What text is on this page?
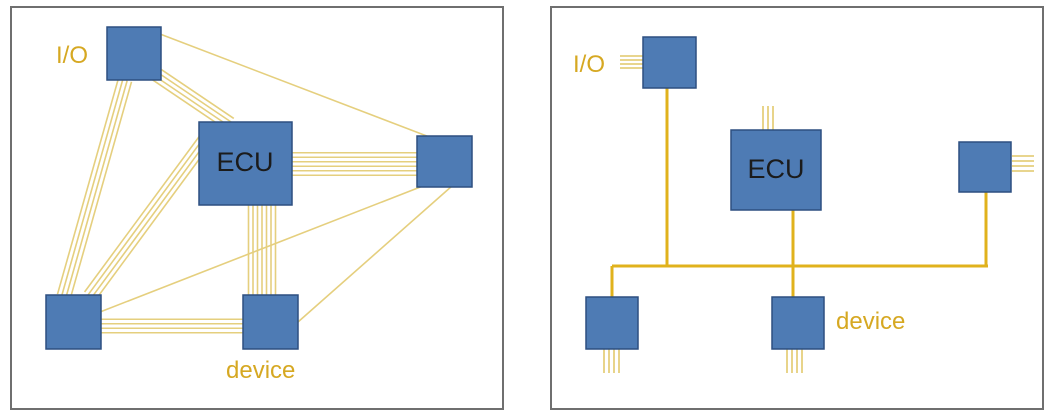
ECU
I/O
device
ECU
I/O
device
